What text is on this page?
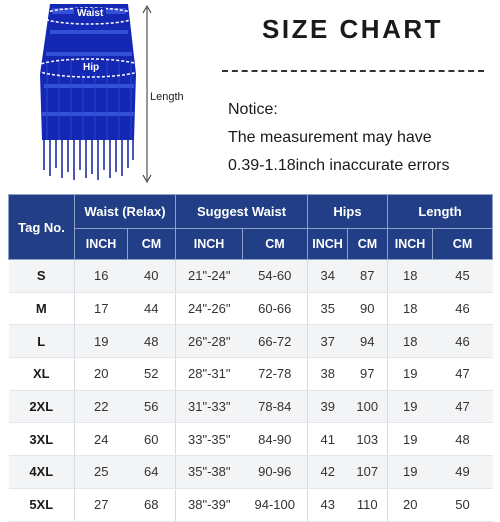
Waist
Hip
Length
SIZE CHART
Notice:
The measurement may have
0.39-1.18inch inaccurate errors
Tag No.	Waist (Relax)		Suggest Waist		Hips		Length	
	INCH	CM	INCH	CM	INCH	CM	INCH	CM
S	16	40	21"-24"	54-60	34	87	18	45
M	17	44	24"-26"	60-66	35	90	18	46
L	19	48	26"-28"	66-72	37	94	18	46
XL	20	52	28"-31"	72-78	38	97	19	47
2XL	22	56	31"-33"	78-84	39	100	19	47
3XL	24	60	33"-35"	84-90	41	103	19	48
4XL	25	64	35"-38"	90-96	42	107	19	49
5XL	27	68	38"-39"	94-100	43	110	20	50
